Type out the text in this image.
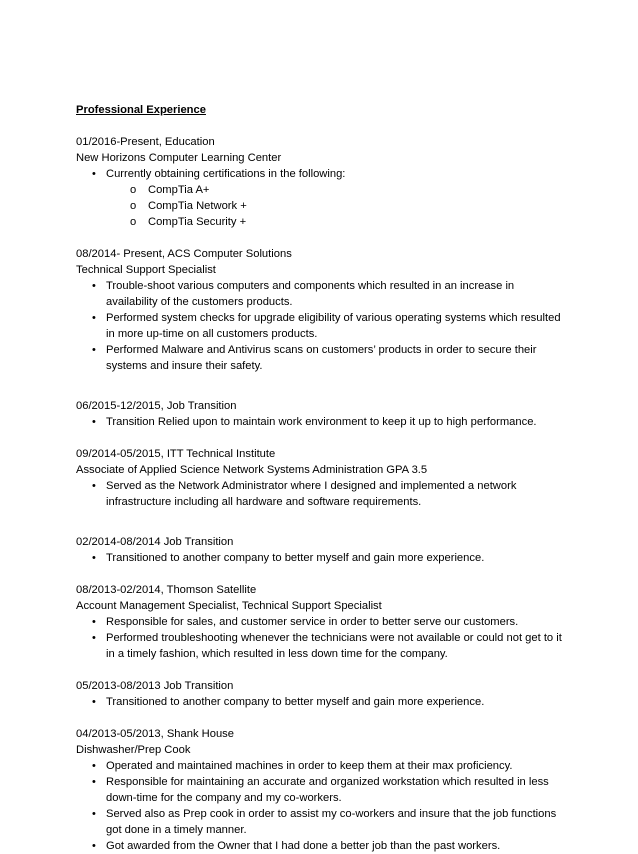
Professional Experience
01/2016-Present, Education
New Horizons Computer Learning Center
• Currently obtaining certifications in the following:
o CompTia A+
o CompTia Network +
o CompTia Security +
08/2014- Present, ACS Computer Solutions
Technical Support Specialist
• Trouble-shoot various computers and components which resulted in an increase in availability of the customers products.
• Performed system checks for upgrade eligibility of various operating systems which resulted in more up-time on all customers products.
• Performed Malware and Antivirus scans on customers’ products in order to secure their systems and insure their safety.
06/2015-12/2015, Job Transition
• Transition Relied upon to maintain work environment to keep it up to high performance.
09/2014-05/2015, ITT Technical Institute
Associate of Applied Science Network Systems Administration GPA 3.5
• Served as the Network Administrator where I designed and implemented a network infrastructure including all hardware and software requirements.
02/2014-08/2014 Job Transition
• Transitioned to another company to better myself and gain more experience.
08/2013-02/2014, Thomson Satellite
Account Management Specialist, Technical Support Specialist
• Responsible for sales, and customer service in order to better serve our customers.
• Performed troubleshooting whenever the technicians were not available or could not get to it in a timely fashion, which resulted in less down time for the company.
05/2013-08/2013 Job Transition
• Transitioned to another company to better myself and gain more experience.
04/2013-05/2013, Shank House
Dishwasher/Prep Cook
• Operated and maintained machines in order to keep them at their max proficiency.
• Responsible for maintaining an accurate and organized workstation which resulted in less down-time for the company and my co-workers.
• Served also as Prep cook in order to assist my co-workers and insure that the job functions got done in a timely manner.
• Got awarded from the Owner that I had done a better job than the past workers.
